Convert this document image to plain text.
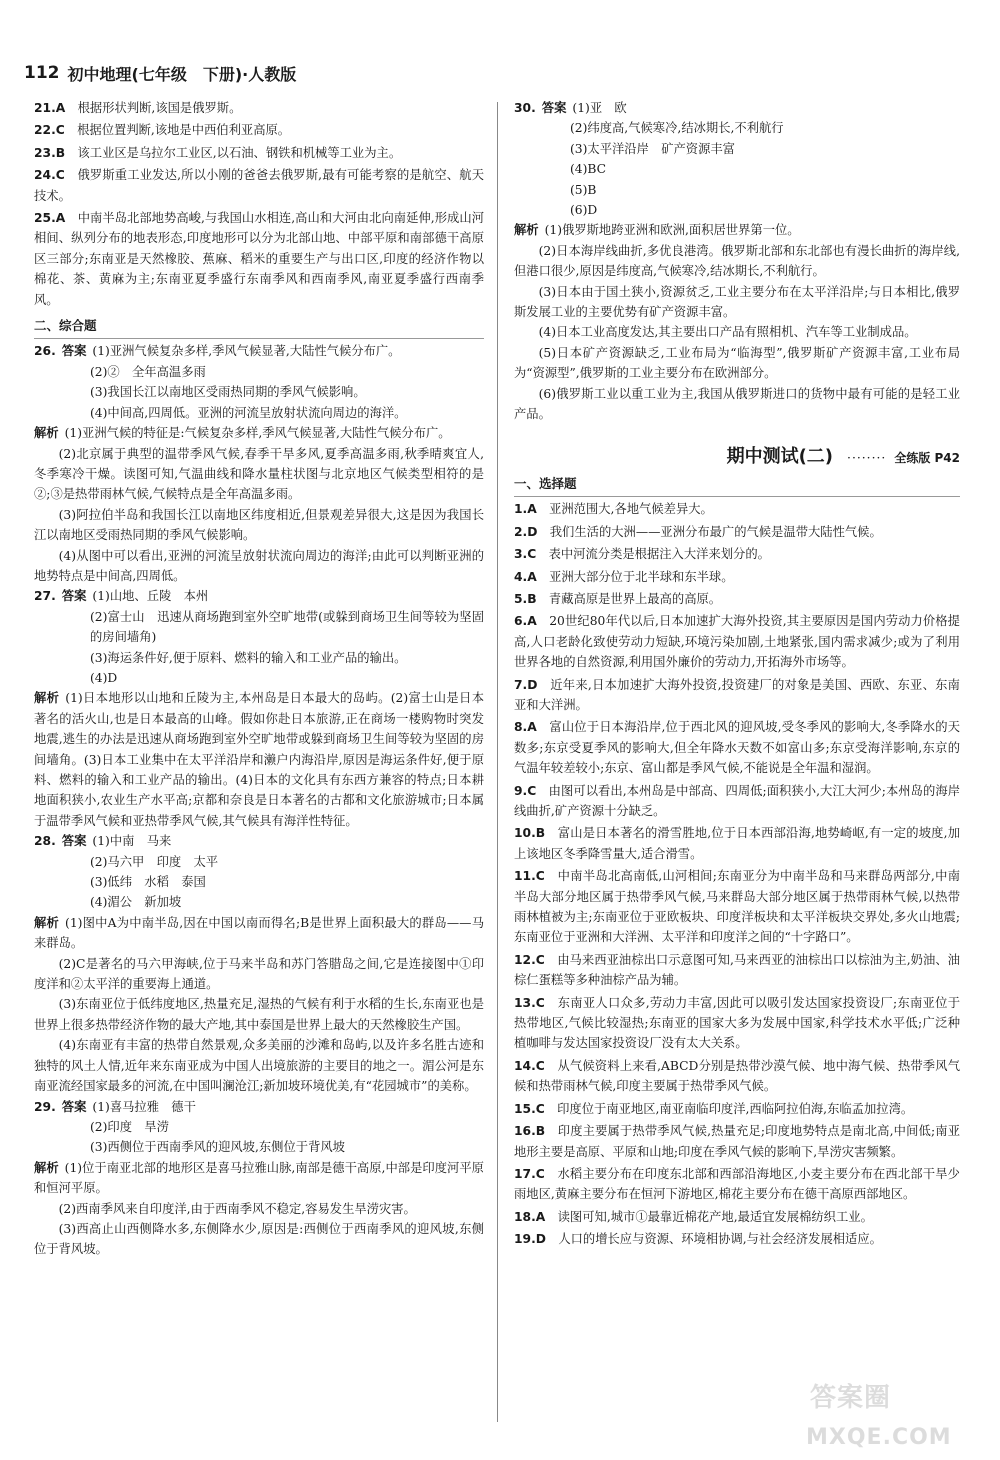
112 初中地理(七年级　下册)·人教版
21.A　 根据形状判断,该国是俄罗斯。
22.C　 根据位置判断,该地是中西伯利亚高原。
23.B　 该工业区是乌拉尔工业区,以石油、钢铁和机械等工业为主。
24.C　 俄罗斯重工业发达,所以小刚的爸爸去俄罗斯,最有可能考察的是航空、航天技术。
25.A　 中南半岛北部地势高峻,与我国山水相连,高山和大河由北向南延伸,形成山河相间、纵列分布的地表形态,印度地形可以分为北部山地、中部平原和南部德干高原区三部分;东南亚是天然橡胶、蕉麻、稻米的重要生产与出口区,印度的经济作物以棉花、茶、黄麻为主;东南亚夏季盛行东南季风和西南季风,南亚夏季盛行西南季风。
二、综合题
26. 答案 (1)亚洲气候复杂多样,季风气候显著,大陆性气候分布广。
(2)②　全年高温多雨
(3)我国长江以南地区受雨热同期的季风气候影响。
(4)中间高,四周低。亚洲的河流呈放射状流向周边的海洋。
解析 (1)亚洲气候的特征是:气候复杂多样,季风气候显著,大陆性气候分布广。
(2)北京属于典型的温带季风气候,春季干旱多风,夏季高温多雨,秋季晴爽宜人,冬季寒冷干燥。读图可知,气温曲线和降水量柱状图与北京地区气候类型相符的是②;③是热带雨林气候,气候特点是全年高温多雨。
(3)阿拉伯半岛和我国长江以南地区纬度相近,但景观差异很大,这是因为我国长江以南地区受雨热同期的季风气候影响。
(4)从图中可以看出,亚洲的河流呈放射状流向周边的海洋;由此可以判断亚洲的地势特点是中间高,四周低。
27. 答案 (1)山地、丘陵　本州
(2)富士山　迅速从商场跑到室外空旷地带(或躲到商场卫生间等较为坚固的房间墙角)
(3)海运条件好,便于原料、燃料的输入和工业产品的输出。
(4)D
解析 (1)日本地形以山地和丘陵为主,本州岛是日本最大的岛屿。(2)富士山是日本著名的活火山,也是日本最高的山峰。假如你赴日本旅游,正在商场一楼购物时突发地震,逃生的办法是迅速从商场跑到室外空旷地带或躲到商场卫生间等较为坚固的房间墙角。(3)日本工业集中在太平洋沿岸和濑户内海沿岸,原因是海运条件好,便于原料、燃料的输入和工业产品的输出。(4)日本的文化具有东西方兼容的特点;日本耕地面积狭小,农业生产水平高;京都和奈良是日本著名的古都和文化旅游城市;日本属于温带季风气候和亚热带季风气候,其气候具有海洋性特征。
28. 答案 (1)中南　马来
(2)马六甲　印度　太平
(3)低纬　水稻　泰国
(4)湄公　新加坡
解析 (1)图中A为中南半岛,因在中国以南而得名;B是世界上面积最大的群岛——马来群岛。
(2)C是著名的马六甲海峡,位于马来半岛和苏门答腊岛之间,它是连接图中①印度洋和②太平洋的重要海上通道。
(3)东南亚位于低纬度地区,热量充足,湿热的气候有利于水稻的生长,东南亚也是世界上很多热带经济作物的最大产地,其中泰国是世界上最大的天然橡胶生产国。
(4)东南亚有丰富的热带自然景观,众多美丽的沙滩和岛屿,以及许多名胜古迹和独特的风土人情,近年来东南亚成为中国人出境旅游的主要目的地之一。湄公河是东南亚流经国家最多的河流,在中国叫澜沧江;新加坡环境优美,有“花园城市”的美称。
29. 答案 (1)喜马拉雅　德干
(2)印度　旱涝
(3)西侧位于西南季风的迎风坡,东侧位于背风坡
解析 (1)位于南亚北部的地形区是喜马拉雅山脉,南部是德干高原,中部是印度河平原和恒河平原。
(2)西南季风来自印度洋,由于西南季风不稳定,容易发生旱涝灾害。
(3)西高止山西侧降水多,东侧降水少,原因是:西侧位于西南季风的迎风坡,东侧位于背风坡。
30. 答案 (1)亚　欧
(2)纬度高,气候寒冷,结冰期长,不利航行
(3)太平洋沿岸　矿产资源丰富
(4)BC
(5)B
(6)D
解析 (1)俄罗斯地跨亚洲和欧洲,面积居世界第一位。
(2)日本海岸线曲折,多优良港湾。俄罗斯北部和东北部也有漫长曲折的海岸线,但港口很少,原因是纬度高,气候寒冷,结冰期长,不利航行。
(3)日本由于国土狭小,资源贫乏,工业主要分布在太平洋沿岸;与日本相比,俄罗斯发展工业的主要优势有矿产资源丰富。
(4)日本工业高度发达,其主要出口产品有照相机、汽车等工业制成品。
(5)日本矿产资源缺乏,工业布局为“临海型”,俄罗斯矿产资源丰富,工业布局为“资源型”,俄罗斯的工业主要分布在欧洲部分。
(6)俄罗斯工业以重工业为主,我国从俄罗斯进口的货物中最有可能的是轻工业产品。
期中测试(二) ········ 全练版 P42
一、选择题
1.A　 亚洲范围大,各地气候差异大。
2.D　 我们生活的大洲——亚洲分布最广的气候是温带大陆性气候。
3.C　 表中河流分类是根据注入大洋来划分的。
4.A　 亚洲大部分位于北半球和东半球。
5.B　 青藏高原是世界上最高的高原。
6.A　 20世纪80年代以后,日本加速扩大海外投资,其主要原因是国内劳动力价格提高,人口老龄化致使劳动力短缺,环境污染加剧,土地紧张,国内需求减少;或为了利用世界各地的自然资源,利用国外廉价的劳动力,开拓海外市场等。
7.D　 近年来,日本加速扩大海外投资,投资建厂的对象是美国、西欧、东亚、东南亚和大洋洲。
8.A　 富山位于日本海沿岸,位于西北风的迎风坡,受冬季风的影响大,冬季降水的天数多;东京受夏季风的影响大,但全年降水天数不如富山多;东京受海洋影响,东京的气温年较差较小;东京、富山都是季风气候,不能说是全年温和湿润。
9.C　 由图可以看出,本州岛是中部高、四周低;面积狭小,大江大河少;本州岛的海岸线曲折,矿产资源十分缺乏。
10.B　 富山是日本著名的滑雪胜地,位于日本西部沿海,地势崎岖,有一定的坡度,加上该地区冬季降雪量大,适合滑雪。
11.C　 中南半岛北高南低,山河相间;东南亚分为中南半岛和马来群岛两部分,中南半岛大部分地区属于热带季风气候,马来群岛大部分地区属于热带雨林气候,以热带雨林植被为主;东南亚位于亚欧板块、印度洋板块和太平洋板块交界处,多火山地震;东南亚位于亚洲和大洋洲、太平洋和印度洋之间的“十字路口”。
12.C　 由马来西亚油棕出口示意图可知,马来西亚的油棕出口以棕油为主,奶油、油棕仁蛋糕等多种油棕产品为辅。
13.C　 东南亚人口众多,劳动力丰富,因此可以吸引发达国家投资设厂;东南亚位于热带地区,气候比较湿热;东南亚的国家大多为发展中国家,科学技术水平低;广泛种植咖啡与发达国家投资设厂没有太大关系。
14.C　 从气候资料上来看,ABCD分别是热带沙漠气候、地中海气候、热带季风气候和热带雨林气候,印度主要属于热带季风气候。
15.C　 印度位于南亚地区,南亚南临印度洋,西临阿拉伯海,东临孟加拉湾。
16.B　 印度主要属于热带季风气候,热量充足;印度地势特点是南北高,中间低;南亚地形主要是高原、平原和山地;印度在季风气候的影响下,旱涝灾害频繁。
17.C　 水稻主要分布在印度东北部和西部沿海地区,小麦主要分布在西北部干旱少雨地区,黄麻主要分布在恒河下游地区,棉花主要分布在德干高原西部地区。
18.A　 读图可知,城市①最靠近棉花产地,最适宜发展棉纺织工业。
19.D　 人口的增长应与资源、环境相协调,与社会经济发展相适应。
答案圈
MXQE.COM
